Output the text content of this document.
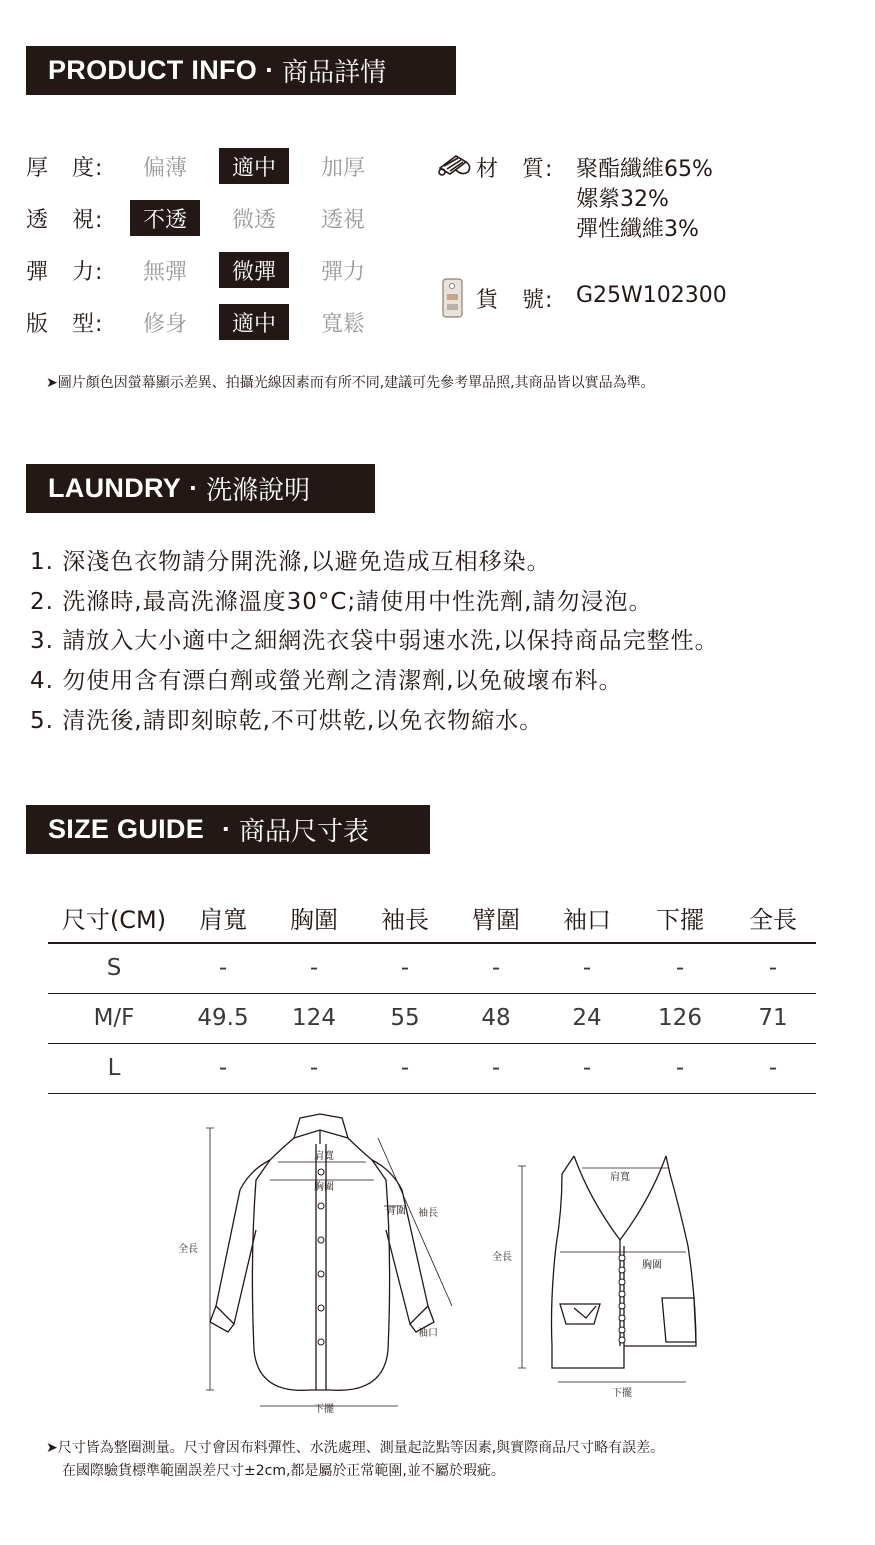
PRODUCT INFO · 商品詳情
厚　度:	偏薄	適中	加厚
透　視:	不透	微透	透視
彈　力:	無彈	微彈	彈力
版　型:	修身	適中	寬鬆
材　質: 聚酯纖維65%
嫘縈32%
彈性纖維3%
貨　號: G25W102300
➤圖片顏色因螢幕顯示差異、拍攝光線因素而有所不同,建議可先參考單品照,其商品皆以實品為準。
LAUNDRY · 洗滌說明
1. 深淺色衣物請分開洗滌,以避免造成互相移染。
2. 洗滌時,最高洗滌溫度30°C;請使用中性洗劑,請勿浸泡。
3. 請放入大小適中之細網洗衣袋中弱速水洗,以保持商品完整性。
4. 勿使用含有漂白劑或螢光劑之清潔劑,以免破壞布料。
5. 清洗後,請即刻晾乾,不可烘乾,以免衣物縮水。
SIZE GUIDE · 商品尺寸表
尺寸(CM)	肩寬	胸圍	袖長	臂圍	袖口	下擺	全長
S	-	-	-	-	-	-	-
M/F	49.5	124	55	48	24	126	71
L	-	-	-	-	-	-	-
肩寬
胸圍
臂圍 袖長
全長
袖口
下擺
肩寬
胸圍
全長
下擺
➤尺寸皆為整圈測量。尺寸會因布料彈性、水洗處理、測量起訖點等因素,與實際商品尺寸略有誤差。
在國際驗貨標準範圍誤差尺寸±2cm,都是屬於正常範圍,並不屬於瑕疵。
